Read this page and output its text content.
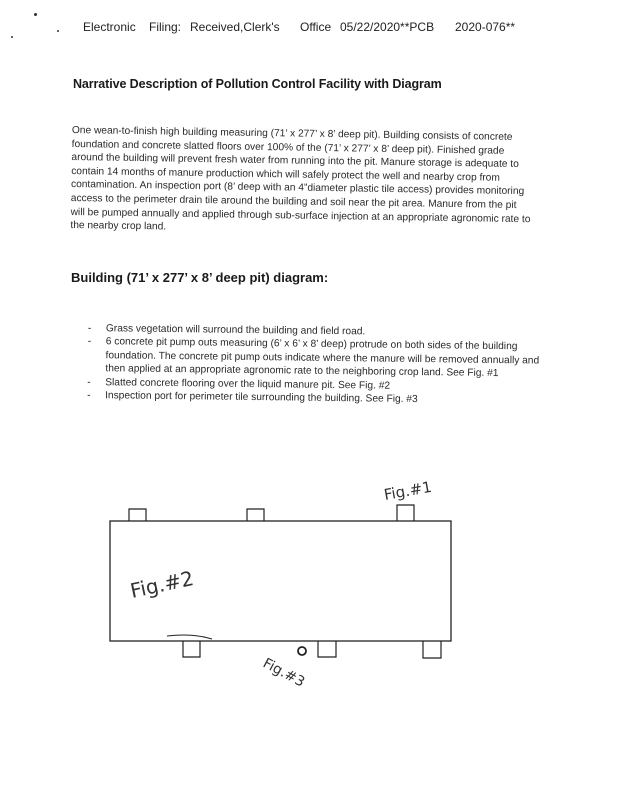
Electronic

Filing:

Received,Clerk's

Office

05/22/2020**PCB

2020-076**

Narrative Description of Pollution Control Facility with Diagram

One wean-to-finish high building measuring (71’ x 277’ x 8’ deep pit). Building consists of concrete foundation and concrete slatted floors over 100% of the (71’ x 277’ x 8’ deep pit). Finished grade around the building will prevent fresh water from running into the pit. Manure storage is adequate to contain 14 months of manure production which will safely protect the well and nearby crop from contamination. An inspection port (8’ deep with an 4”diameter plastic tile access) provides monitoring access to the perimeter drain tile around the building and soil near the pit area. Manure from the pit will be pumped annually and applied through sub-surface injection at an appropriate agronomic rate to the nearby crop land.

Building (71’ x 277’ x 8’ deep pit) diagram:
- Grass vegetation will surround the building and field road.
- 6 concrete pit pump outs measuring (6’ x 6’ x 8’ deep) protrude on both sides of the building foundation. The concrete pit pump outs indicate where the manure will be removed annually and then applied at an appropriate agronomic rate to the neighboring crop land. See Fig. #1
- Slatted concrete flooring over the liquid manure pit. See Fig. #2
- Inspection port for perimeter tile surrounding the building. See Fig. #3
Fig.#1
Fig.#2
Fig.#3
